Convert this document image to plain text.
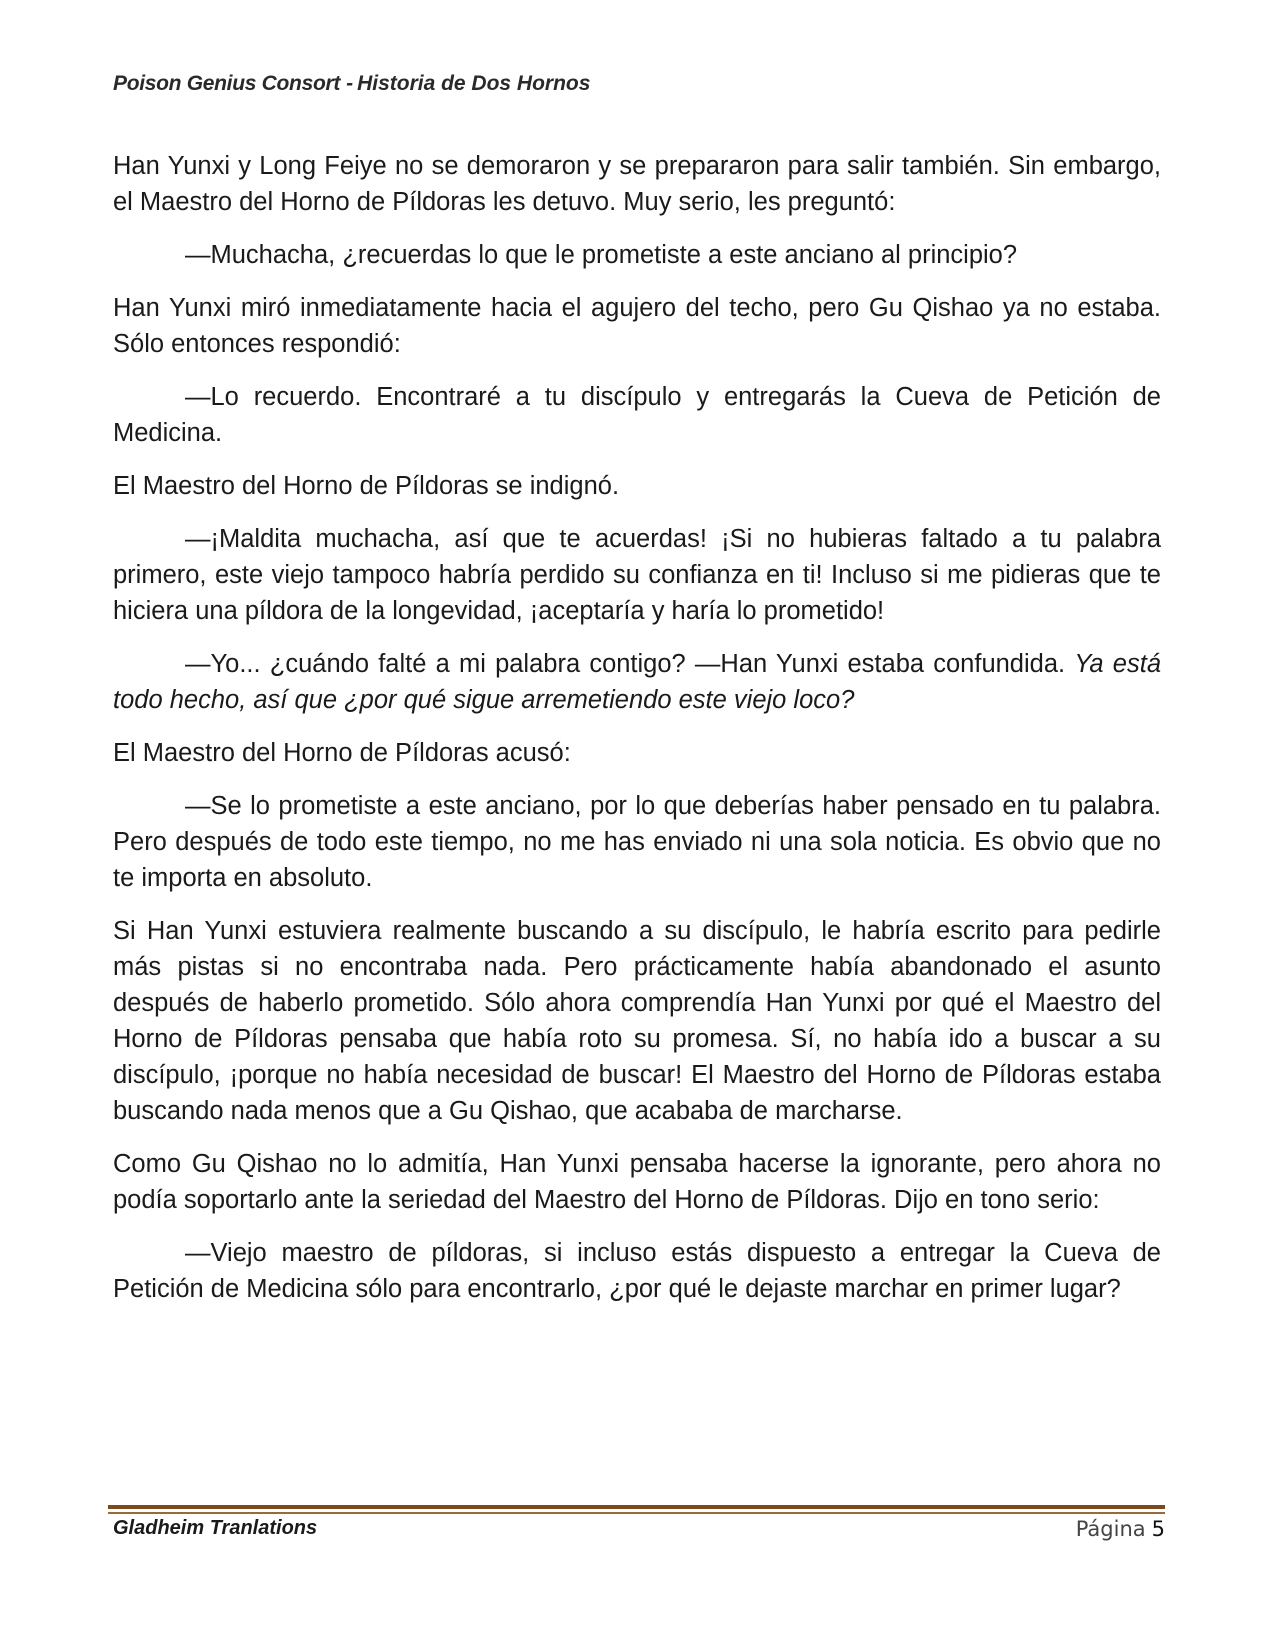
Poison Genius Consort - Historia de Dos Hornos

Han Yunxi y Long Feiye no se demoraron y se prepararon para salir también. Sin embargo, el Maestro del Horno de Píldoras les detuvo. Muy serio, les preguntó:

—Muchacha, ¿recuerdas lo que le prometiste a este anciano al principio?

Han Yunxi miró inmediatamente hacia el agujero del techo, pero Gu Qishao ya no estaba. Sólo entonces respondió:

—Lo recuerdo. Encontraré a tu discípulo y entregarás la Cueva de Petición de Medicina.

El Maestro del Horno de Píldoras se indignó.

—¡Maldita muchacha, así que te acuerdas! ¡Si no hubieras faltado a tu palabra primero, este viejo tampoco habría perdido su confianza en ti! Incluso si me pidieras que te hiciera una píldora de la longevidad, ¡aceptaría y haría lo prometido!

—Yo... ¿cuándo falté a mi palabra contigo? —Han Yunxi estaba confundida. Ya está todo hecho, así que ¿por qué sigue arremetiendo este viejo loco?

El Maestro del Horno de Píldoras acusó:

—Se lo prometiste a este anciano, por lo que deberías haber pensado en tu palabra. Pero después de todo este tiempo, no me has enviado ni una sola noticia. Es obvio que no te importa en absoluto.

Si Han Yunxi estuviera realmente buscando a su discípulo, le habría escrito para pedirle más pistas si no encontraba nada. Pero prácticamente había abandonado el asunto después de haberlo prometido. Sólo ahora comprendía Han Yunxi por qué el Maestro del Horno de Píldoras pensaba que había roto su promesa. Sí, no había ido a buscar a su discípulo, ¡porque no había necesidad de buscar! El Maestro del Horno de Píldoras estaba buscando nada menos que a Gu Qishao, que acababa de marcharse.

Como Gu Qishao no lo admitía, Han Yunxi pensaba hacerse la ignorante, pero ahora no podía soportarlo ante la seriedad del Maestro del Horno de Píldoras. Dijo en tono serio:

—Viejo maestro de píldoras, si incluso estás dispuesto a entregar la Cueva de Petición de Medicina sólo para encontrarlo, ¿por qué le dejaste marchar en primer lugar?

Gladheim Tranlations	Página 5
